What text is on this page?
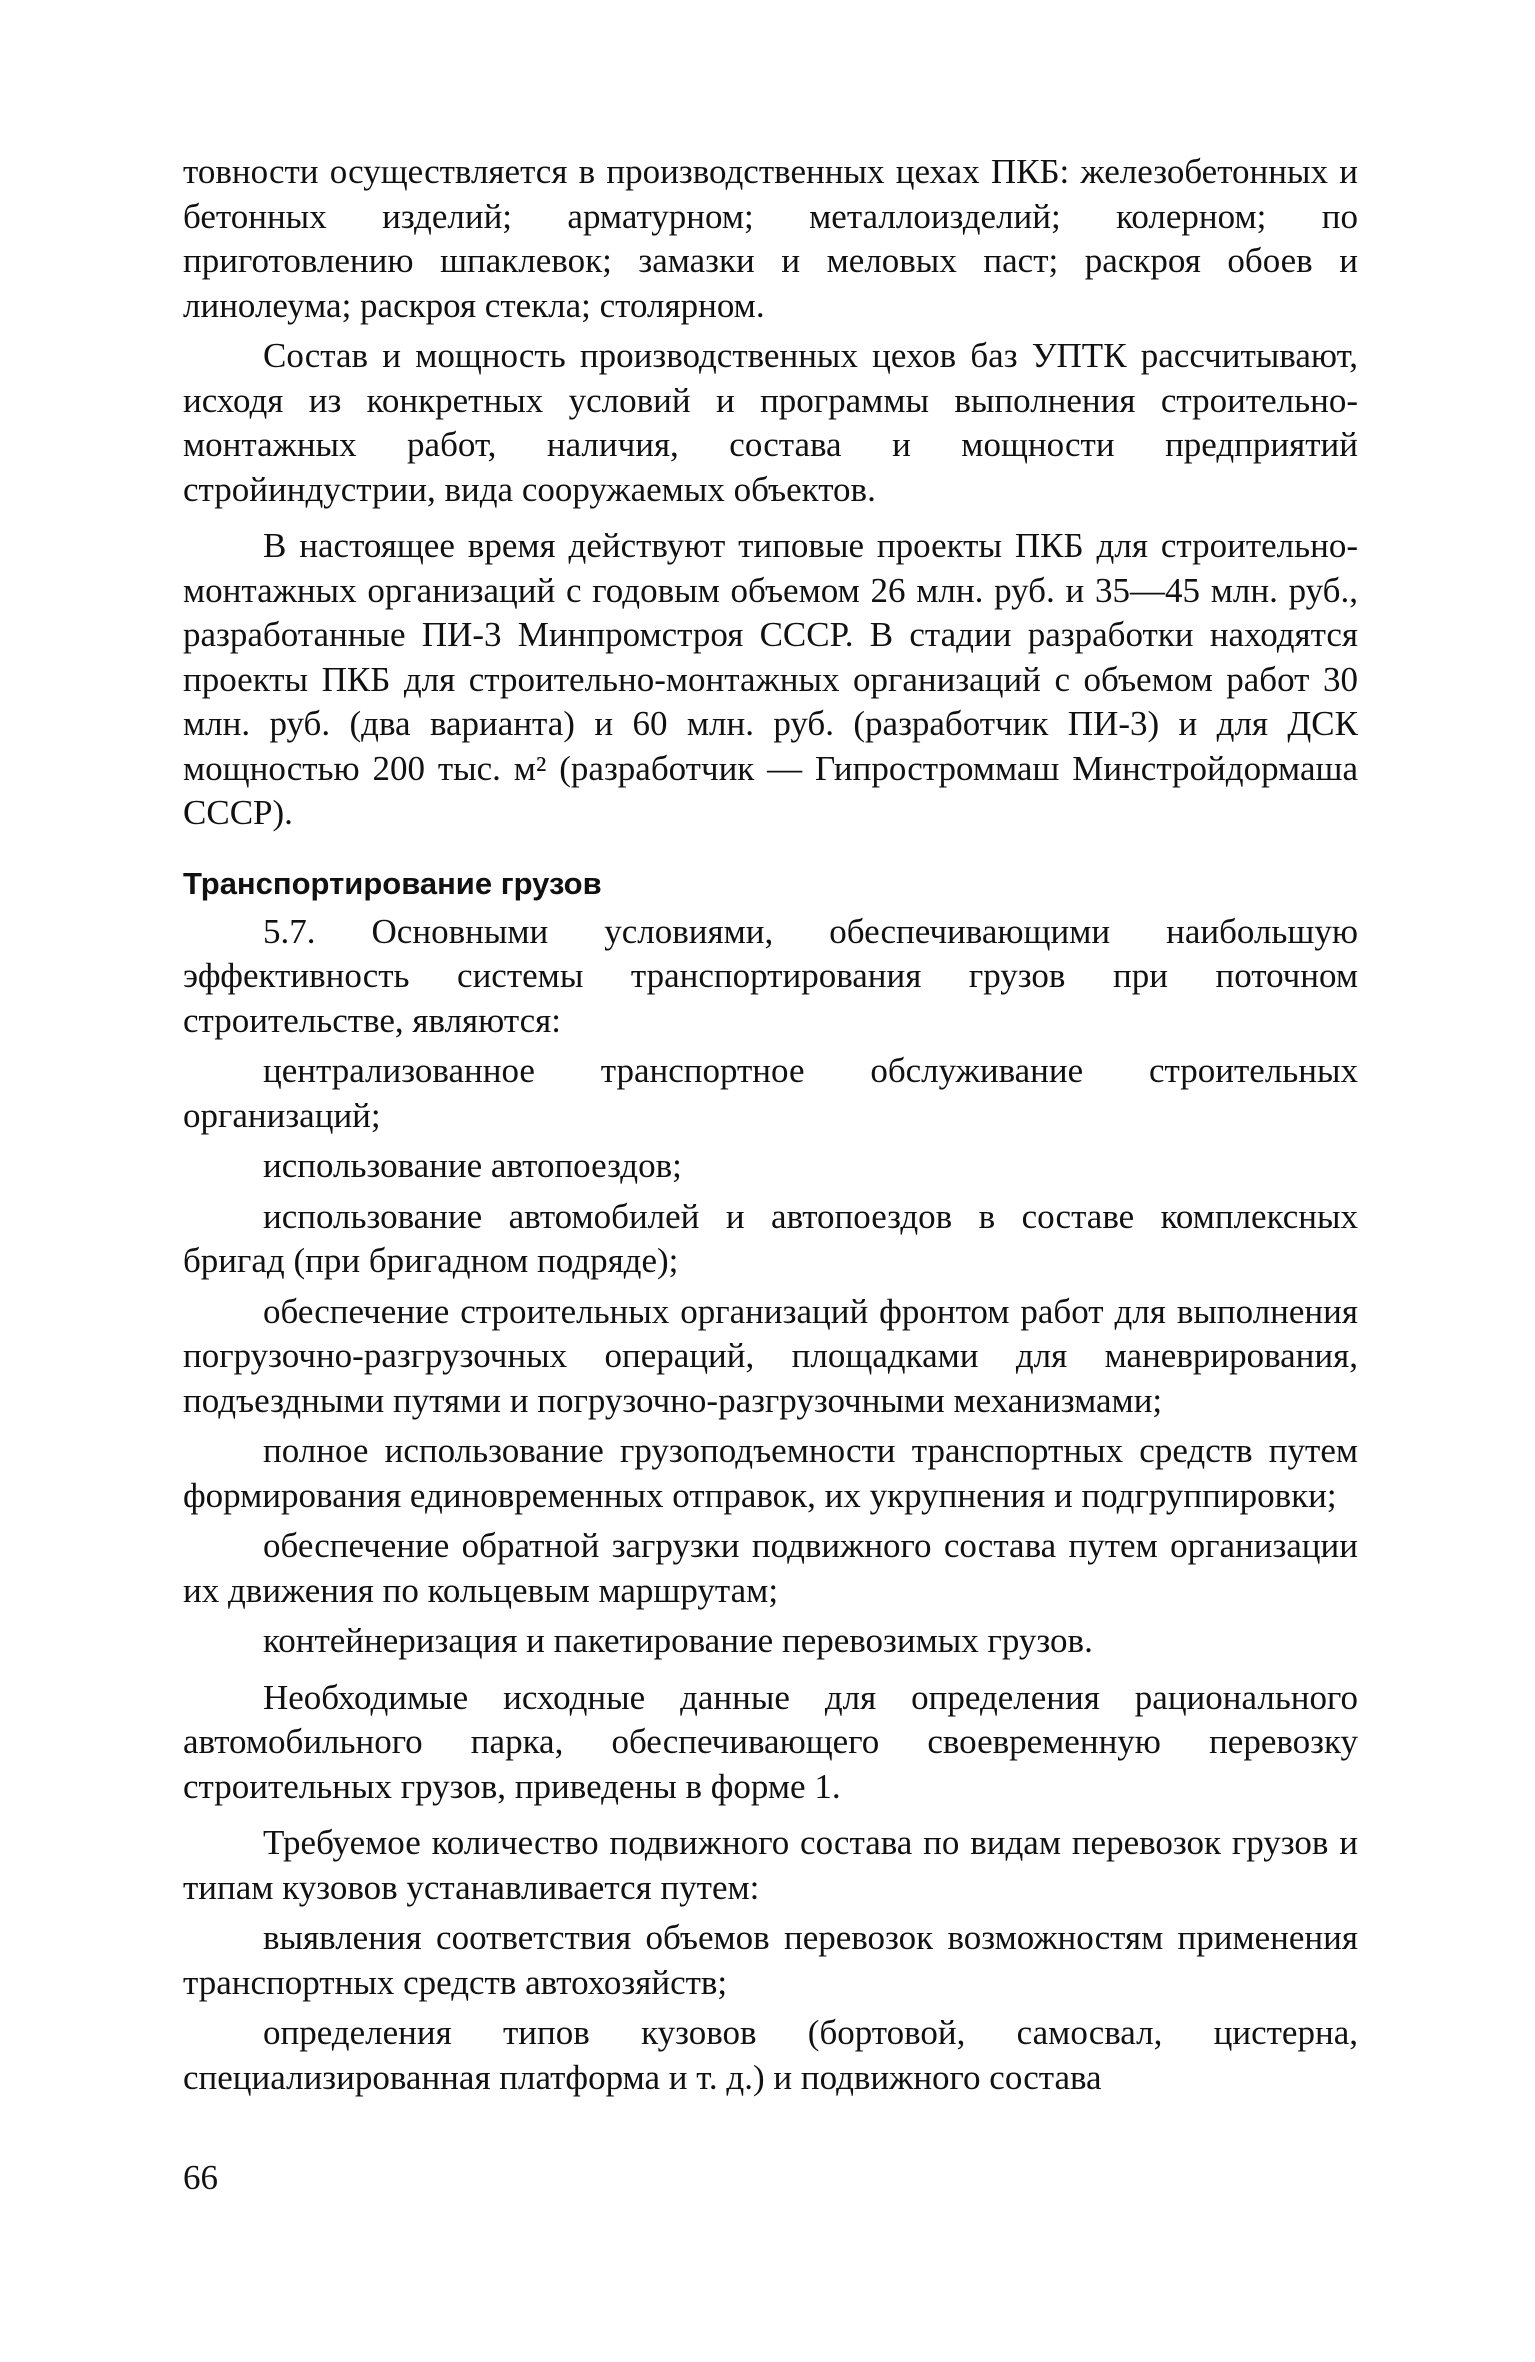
товности осуществляется в производственных цехах ПКБ: железобетонных и бетонных изделий; арматурном; металлоизделий; колерном; по приготовлению шпаклевок; замазки и меловых паст; раскроя обоев и линолеума; раскроя стекла; столярном.

Состав и мощность производственных цехов баз УПТК рассчитывают, исходя из конкретных условий и программы выполнения строительно-монтажных работ, наличия, состава и мощности предприятий стройиндустрии, вида сооружаемых объектов.

В настоящее время действуют типовые проекты ПКБ для строительно-монтажных организаций с годовым объемом 26 млн. руб. и 35—45 млн. руб., разработанные ПИ-3 Минпромстроя СССР. В стадии разработки находятся проекты ПКБ для строительно-монтажных организаций с объемом работ 30 млн. руб. (два варианта) и 60 млн. руб. (разработчик ПИ-3) и для ДСК мощностью 200 тыс. м² (разработчик — Гипростроммаш Минстройдормаша СССР).

Транспортирование грузов

5.7. Основными условиями, обеспечивающими наибольшую эффективность системы транспортирования грузов при поточном строительстве, являются:

централизованное транспортное обслуживание строительных организаций;

использование автопоездов;

использование автомобилей и автопоездов в составе комплексных бригад (при бригадном подряде);

обеспечение строительных организаций фронтом работ для выполнения погрузочно-разгрузочных операций, площадками для маневрирования, подъездными путями и погрузочно-разгрузочными механизмами;

полное использование грузоподъемности транспортных средств путем формирования единовременных отправок, их укрупнения и подгруппировки;

обеспечение обратной загрузки подвижного состава путем организации их движения по кольцевым маршрутам;

контейнеризация и пакетирование перевозимых грузов.

Необходимые исходные данные для определения рационального автомобильного парка, обеспечивающего своевременную перевозку строительных грузов, приведены в форме 1.

Требуемое количество подвижного состава по видам перевозок грузов и типам кузовов устанавливается путем:

выявления соответствия объемов перевозок возможностям применения транспортных средств автохозяйств;

определения типов кузовов (бортовой, самосвал, цистерна, специализированная платформа и т. д.) и подвижного состава

66
